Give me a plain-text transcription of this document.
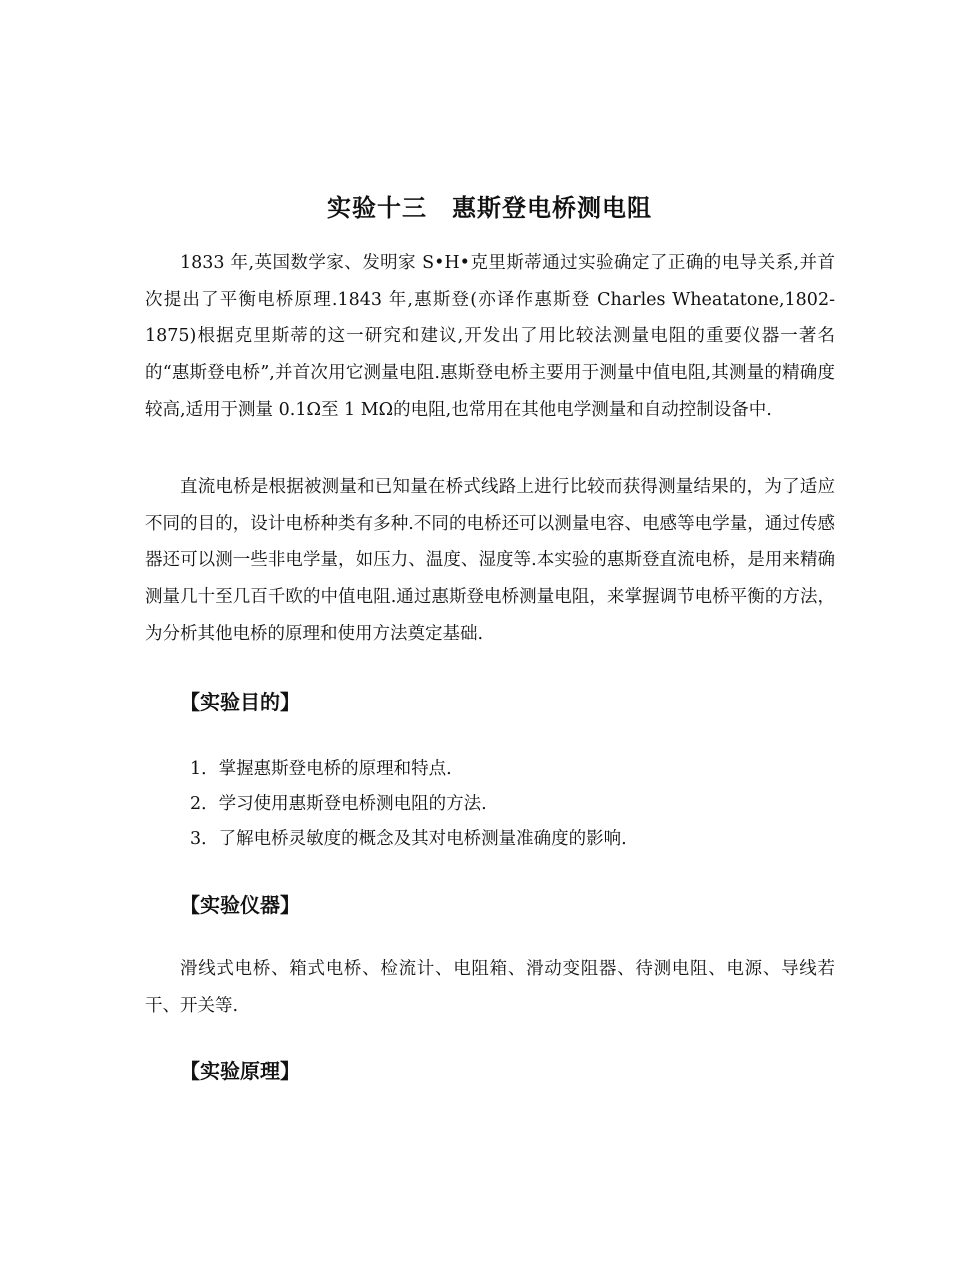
实验十三　惠斯登电桥测电阻

1833 年,英国数学家、发明家 S•H•克里斯蒂通过实验确定了正确的电导关系,并首次提出了平衡电桥原理.1843 年,惠斯登(亦译作惠斯登 Charles Wheatatone,1802-1875)根据克里斯蒂的这一研究和建议,开发出了用比较法测量电阻的重要仪器一著名的“惠斯登电桥”,并首次用它测量电阻.惠斯登电桥主要用于测量中值电阻,其测量的精确度较高,适用于测量 0.1Ω至 1 MΩ的电阻,也常用在其他电学测量和自动控制设备中.

直流电桥是根据被测量和已知量在桥式线路上进行比较而获得测量结果的，为了适应不同的目的，设计电桥种类有多种.不同的电桥还可以测量电容、电感等电学量，通过传感器还可以测一些非电学量，如压力、温度、湿度等.本实验的惠斯登直流电桥，是用来精确测量几十至几百千欧的中值电阻.通过惠斯登电桥测量电阻，来掌握调节电桥平衡的方法，为分析其他电桥的原理和使用方法奠定基础.

【实验目的】
1．掌握惠斯登电桥的原理和特点.
2．学习使用惠斯登电桥测电阻的方法.
3．了解电桥灵敏度的概念及其对电桥测量准确度的影响.
【实验仪器】

滑线式电桥、箱式电桥、检流计、电阻箱、滑动变阻器、待测电阻、电源、导线若干、开关等.

【实验原理】
